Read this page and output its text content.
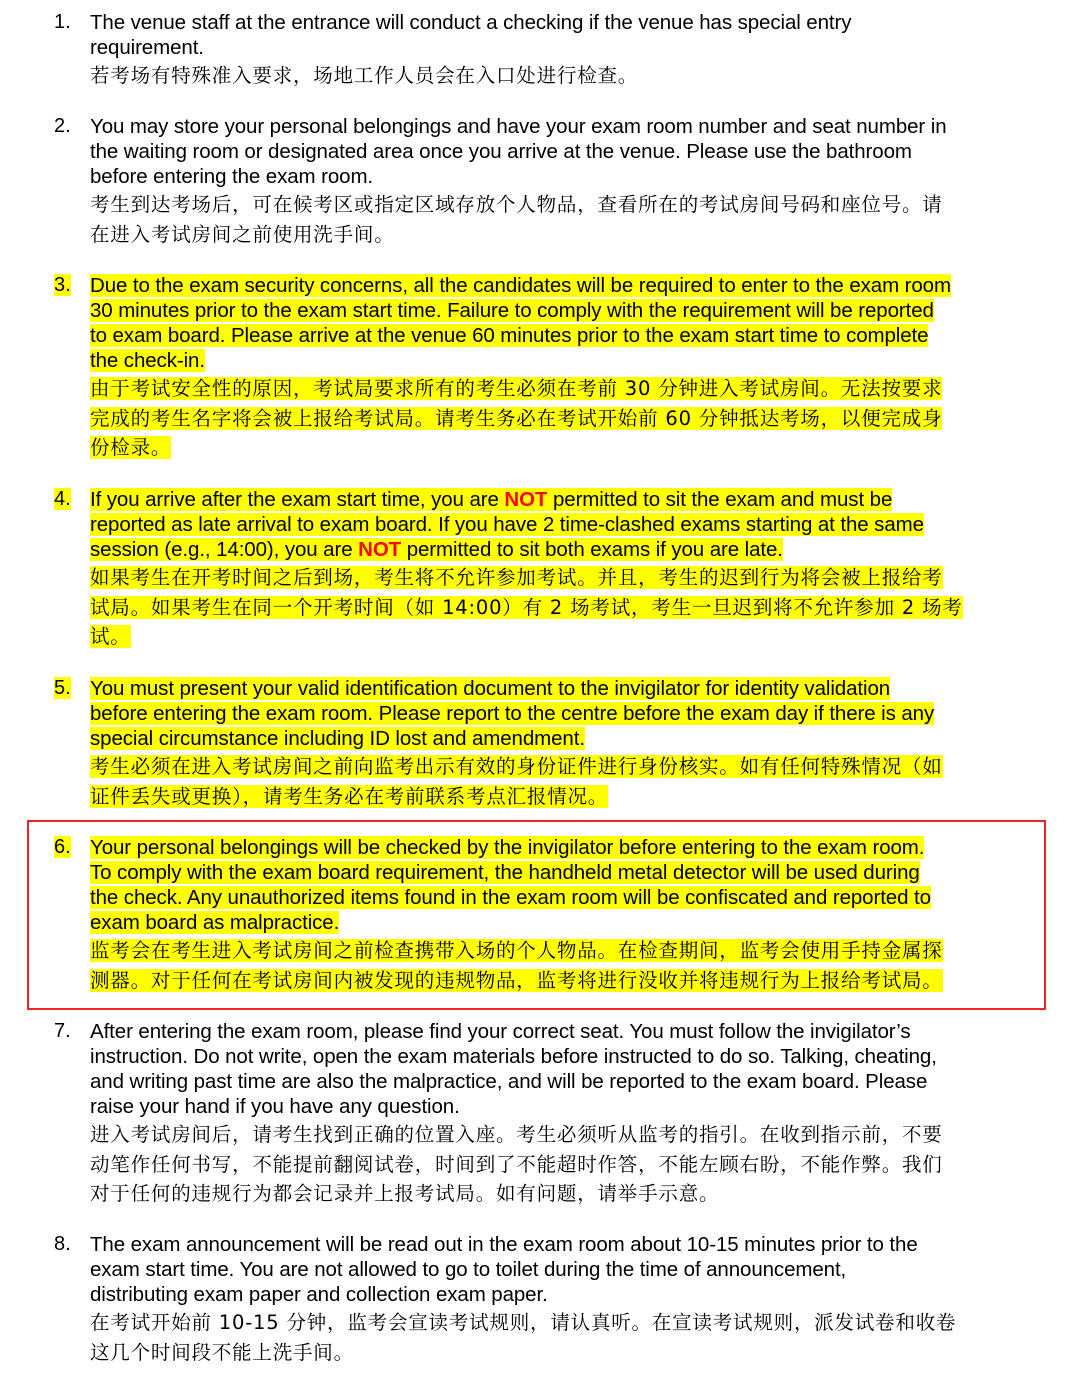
1. The venue staff at the entrance will conduct a checking if the venue has special entry
requirement.
若考场有特殊准入要求，场地工作人员会在入口处进行检查。
2. You may store your personal belongings and have your exam room number and seat number in
the waiting room or designated area once you arrive at the venue. Please use the bathroom
before entering the exam room.
考生到达考场后，可在候考区或指定区域存放个人物品，查看所在的考试房间号码和座位号。请
在进入考试房间之前使用洗手间。
3. Due to the exam security concerns, all the candidates will be required to enter to the exam room
30 minutes prior to the exam start time. Failure to comply with the requirement will be reported
to exam board. Please arrive at the venue 60 minutes prior to the exam start time to complete
the check-in.
由于考试安全性的原因，考试局要求所有的考生必须在考前 30 分钟进入考试房间。无法按要求
完成的考生名字将会被上报给考试局。请考生务必在考试开始前 60 分钟抵达考场，以便完成身
份检录。
4. If you arrive after the exam start time, you are NOT permitted to sit the exam and must be
reported as late arrival to exam board. If you have 2 time-clashed exams starting at the same
session (e.g., 14:00), you are NOT permitted to sit both exams if you are late.
如果考生在开考时间之后到场，考生将不允许参加考试。并且，考生的迟到行为将会被上报给考
试局。如果考生在同一个开考时间（如 14:00）有 2 场考试，考生一旦迟到将不允许参加 2 场考
试。
5. You must present your valid identification document to the invigilator for identity validation
before entering the exam room. Please report to the centre before the exam day if there is any
special circumstance including ID lost and amendment.
考生必须在进入考试房间之前向监考出示有效的身份证件进行身份核实。如有任何特殊情况（如
证件丢失或更换），请考生务必在考前联系考点汇报情况。
6. Your personal belongings will be checked by the invigilator before entering to the exam room.
To comply with the exam board requirement, the handheld metal detector will be used during
the check. Any unauthorized items found in the exam room will be confiscated and reported to
exam board as malpractice.
监考会在考生进入考试房间之前检查携带入场的个人物品。在检查期间，监考会使用手持金属探
测器。对于任何在考试房间内被发现的违规物品，监考将进行没收并将违规行为上报给考试局。
7. After entering the exam room, please find your correct seat. You must follow the invigilator’s
instruction. Do not write, open the exam materials before instructed to do so. Talking, cheating,
and writing past time are also the malpractice, and will be reported to the exam board. Please
raise your hand if you have any question.
进入考试房间后，请考生找到正确的位置入座。考生必须听从监考的指引。在收到指示前，不要
动笔作任何书写，不能提前翻阅试卷，时间到了不能超时作答，不能左顾右盼，不能作弊。我们
对于任何的违规行为都会记录并上报考试局。如有问题，请举手示意。
8. The exam announcement will be read out in the exam room about 10-15 minutes prior to the
exam start time. You are not allowed to go to toilet during the time of announcement,
distributing exam paper and collection exam paper.
在考试开始前 10-15 分钟，监考会宣读考试规则，请认真听。在宣读考试规则，派发试卷和收卷
这几个时间段不能上洗手间。
